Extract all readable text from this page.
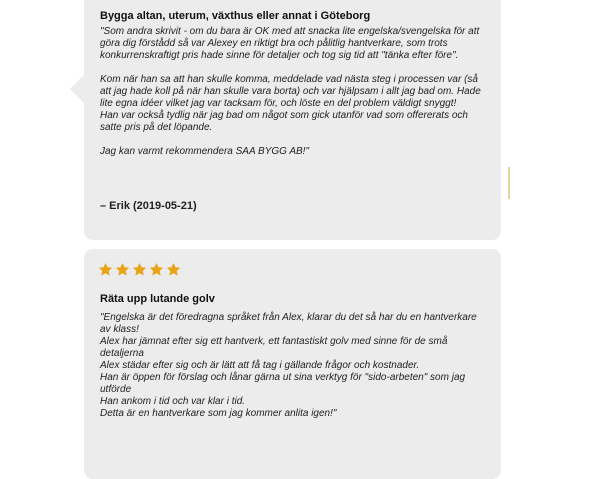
Bygga altan, uterum, växthus eller annat i Göteborg

"Som andra skrivit - om du bara är OK med att snacka lite engelska/svengelska för att göra dig förstådd så var Alexey en riktigt bra och pålitlig hantverkare, som trots konkurrenskraftigt pris hade sinne för detaljer och tog sig tid att "tänka efter före".

Kom när han sa att han skulle komma, meddelade vad nästa steg i processen var (så att jag hade koll på när han skulle vara borta) och var hjälpsam i allt jag bad om. Hade lite egna idéer vilket jag var tacksam för, och löste en del problem väldigt snyggt!

Han var också tydlig när jag bad om något som gick utanför vad som offererats och satte pris på det löpande.

Jag kan varmt rekommendera SAA BYGG AB!"

– Erik (2019-05-21)
Räta upp lutande golv

"Engelska är det föredragna språket från Alex, klarar du det så har du en hantverkare av klass!

Alex har jämnat efter sig ett hantverk, ett fantastiskt golv med sinne för de små detaljerna

Alex städar efter sig och är lätt att få tag i gällande frågor och kostnader.

Han är öppen för förslag och lånar gärna ut sina verktyg för "sido-arbeten" som jag utförde

Han ankom i tid och var klar i tid.

Detta är en hantverkare som jag kommer anlita igen!"
